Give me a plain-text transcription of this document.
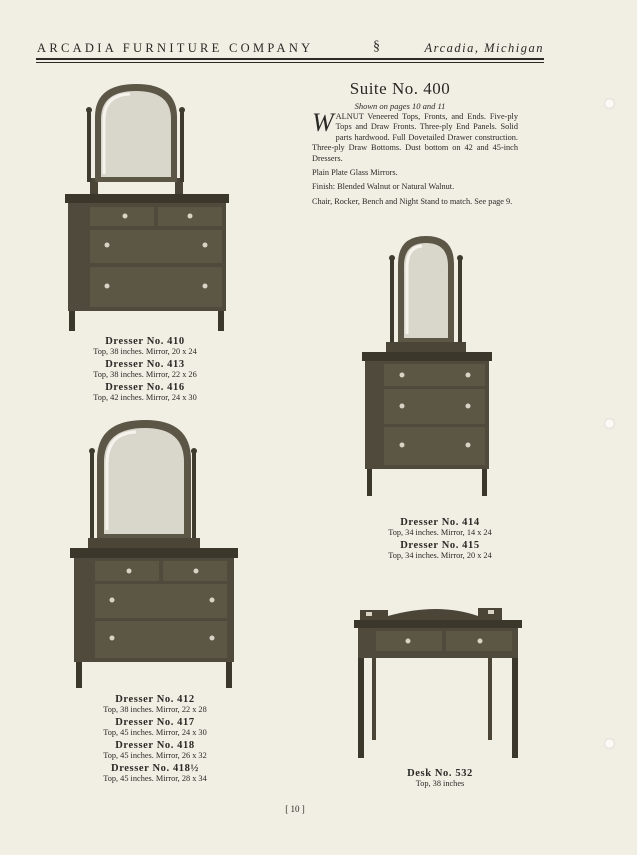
ARCADIA FURNITURE COMPANY	§	Arcadia, Michigan
Suite No. 400
Shown on pages 10 and 11

WALNUT Veneered Tops, Fronts, and Ends. Five-ply Tops and Draw Fronts. Three-ply End Panels. Solid parts hardwood. Full Dovetailed Drawer construction. Three-ply Draw Bottoms. Dust bottom on 42 and 45-inch Dressers.

Plain Plate Glass Mirrors.

Finish: Blended Walnut or Natural Walnut.

Chair, Rocker, Bench and Night Stand to match. See page 9.

Dresser No. 410
Top, 38 inches. Mirror, 20 x 24
Dresser No. 413
Top, 38 inches. Mirror, 22 x 26
Dresser No. 416
Top, 42 inches. Mirror, 24 x 30
Dresser No. 414
Top, 34 inches. Mirror, 14 x 24
Dresser No. 415
Top, 34 inches. Mirror, 20 x 24
Dresser No. 412
Top, 38 inches. Mirror, 22 x 28
Dresser No. 417
Top, 45 inches. Mirror, 24 x 30
Dresser No. 418
Top, 45 inches. Mirror, 26 x 32
Dresser No. 418½
Top, 45 inches. Mirror, 28 x 34	Desk No. 532
Top, 38 inches
[ 10 ]
